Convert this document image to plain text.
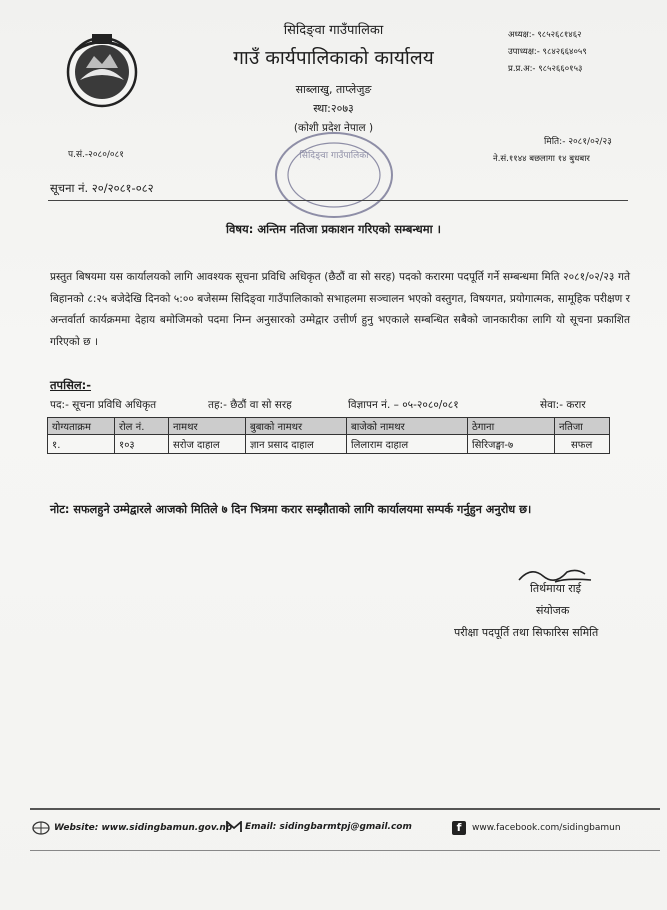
सिदिङ्वा गाउँपालिका
गाउँ कार्यपालिकाको कार्यालय
साब्लाखु, ताप्लेजुङ
स्था:२०७३
(कोशी प्रदेश नेपाल )
अध्यक्ष:- ९८५२६८१४६२
उपाध्यक्ष:- ९८४२६६४०५९
प्र.प्र.अ:- ९८५२६६०१५३
प.सं.-२०८०/०८१
मिति:- २०८१/०२/२३
ने.सं.११४४ बछलागा १४ बुधबार
सिदिङ्वा गाउँपालिका
सूचना नं. २०/२०८१-०८२
विषय: अन्तिम नतिजा प्रकाशन गरिएको सम्बन्धमा ।
प्रस्तुत बिषयमा यस कार्यालयको लागि आवश्यक सूचना प्रविधि अधिकृत (छैठौं वा सो सरह) पदको करारमा पदपूर्ति गर्ने सम्बन्धमा मिति २०८१/०२/२३ गते बिहानको ८:२५ बजेदेखि दिनको ५:०० बजेसम्म सिदिङ्वा गाउँपालिकाको सभाहलमा सञ्चालन भएको वस्तुगत, विषयगत, प्रयोगात्मक, सामूहिक परीक्षण र अन्तर्वार्ता कार्यक्रममा देहाय बमोजिमको पदमा निम्न अनुसारको उम्मेद्वार उत्तीर्ण हुनु भएकाले सम्बन्धित सबैको जानकारीका लागि यो सूचना प्रकाशित गरिएको छ ।
तपसिल:-
पद:- सूचना प्रविधि अधिकृत	तह:- छैठौं वा सो सरह	विज्ञापन नं. – ०५-२०८०/०८१	सेवा:- करार
योग्यताक्रम	रोल नं.	नामथर	बुबाको नामथर	बाजेको नामथर	ठेगाना	नतिजा
१.	१०३	सरोज दाहाल	ज्ञान प्रसाद दाहाल	लिलाराम दाहाल	सिरिजङ्घा-७	सफल
नोट: सफलहुने उम्मेद्वारले आजको मितिले ७ दिन भित्रमा करार सम्झौताको लागि कार्यालयमा सम्पर्क गर्नुहुन अनुरोध छ।
तिर्थमाया राई
संयोजक
परीक्षा पदपूर्ति तथा सिफारिस समिति
Website: www.sidingbamun.gov.np Email: sidingbarmtpj@gmail.com	f	www.facebook.com/sidingbamun
